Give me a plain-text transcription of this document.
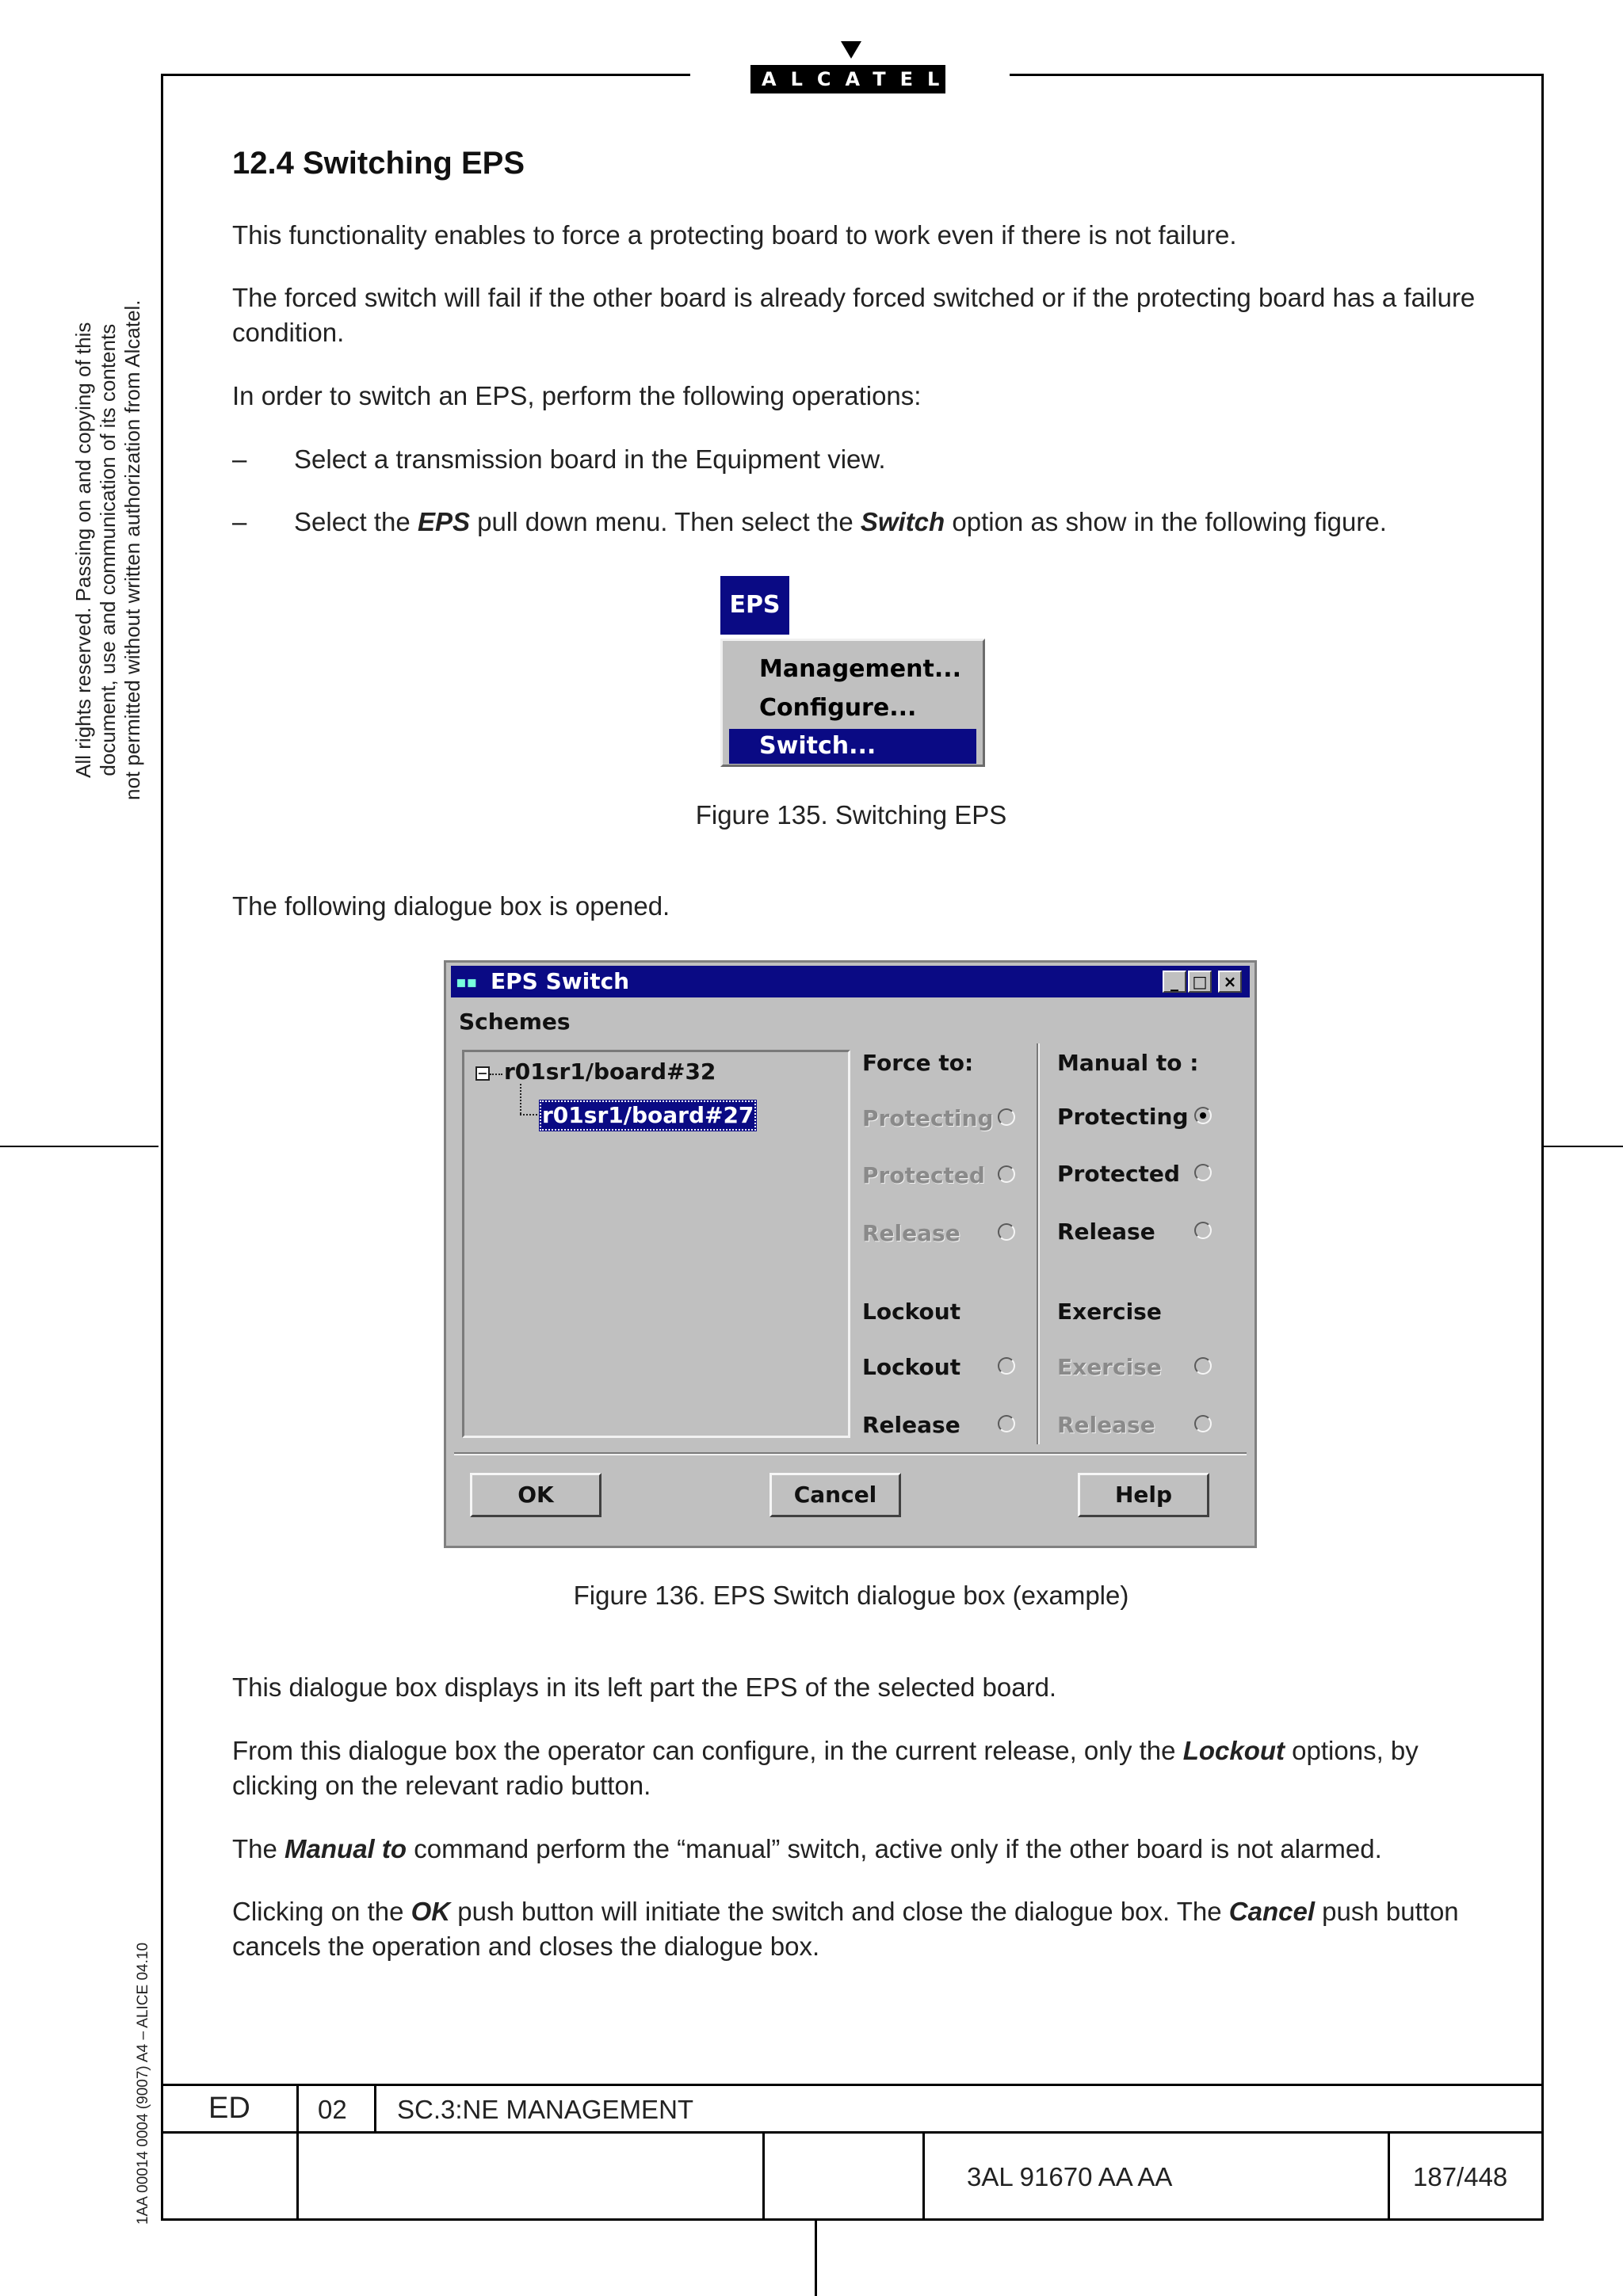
ALCATEL
All rights reserved. Passing on and copying of this document, use and communication of its contents not permitted without written authorization from Alcatel.
1AA 00014 0004 (9007) A4 – ALICE 04.10
12.4 Switching EPS
This functionality enables to force a protecting board to work even if there is not failure.
The forced switch will fail if the other board is already forced switched or if the protecting board has a failure condition.
In order to switch an EPS, perform the following operations:
– Select a transmission board in the Equipment view.
– Select the EPS pull down menu. Then select the Switch option as show in the following figure.
EPS
Management...
Configure...
Switch...
Figure 135. Switching EPS
The following dialogue box is opened.
▪▪ EPS Switch	_ □	×
Schemes
− r01sr1/board#32
r01sr1/board#27
Force to:
Protecting
Protected
Release
Manual to :
Protecting
Protected
Release
Lockout
Lockout
Release
Exercise
Exercise
Release
OK	Cancel	Help
Figure 136. EPS Switch dialogue box (example)
This dialogue box displays in its left part the EPS of the selected board.
From this dialogue box the operator can configure, in the current release, only the Lockout options, by clicking on the relevant radio button.
The Manual to command perform the “manual” switch, active only if the other board is not alarmed.
Clicking on the OK push button will initiate the switch and close the dialogue box. The Cancel push button cancels the operation and closes the dialogue box.
ED	02 SC.3:NE MANAGEMENT
3AL 91670 AA AA	187/448
